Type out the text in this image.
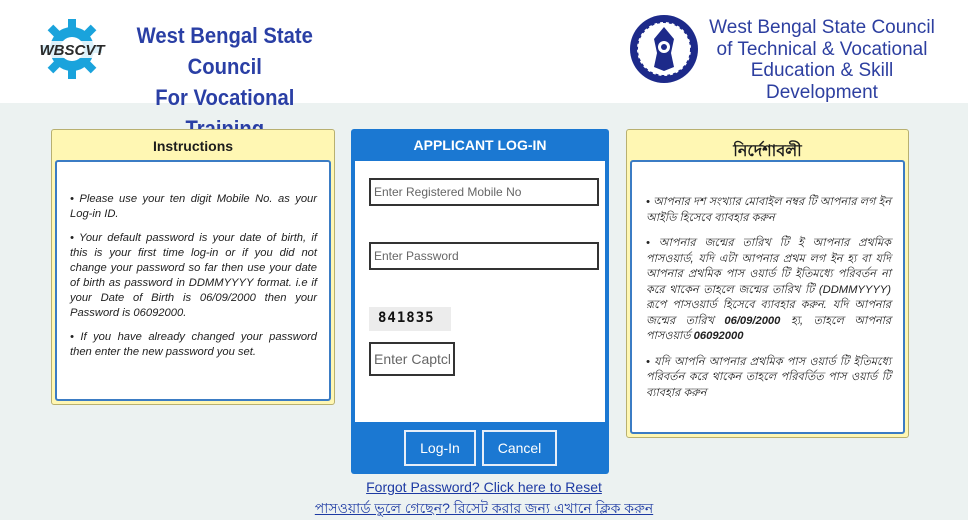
WBSCVT
West Bengal State Council
For Vocational
West Bengal State Council
of Technical & Vocational
Education & Skill Development
Instructions

• Please use your ten digit Mobile No. as your Log-in ID.

• Your default password is your date of birth, if this is your first time log-in or if you did not change your password so far then use your date of birth as password in DDMMYYYY format. i.e if your Date of Birth is 06/09/2000 then your Password is 06092000.

• If you have already changed your password then enter the new password you set.

APPLICANT LOG-IN
Enter Registered Mobile No
841835
Enter Captcha
Log-In	Cancel
নির্দেশাবলী

• আপনার দশ সংখ্যার মোবাইল নম্বর টি আপনার লগ ইন আইডি হিসেবে ব্যাবহার করুন

• আপনার জন্মের তারিখ টি ই আপনার প্রথমিক পাসওয়ার্ড, যদি এটা আপনার প্রথম লগ ইন হ্য বা যদি আপনার প্রথমিক পাস ওয়ার্ড টি ইতিমধ্যে পরিবর্তন না করে থাকেন তাহলে জন্মের তারিখ টি (DDMMYYYY) রূপে পাসওয়ার্ড হিসেবে ব্যাবহার করুন. যদি আপনার জন্মের তারিখ 06/09/2000 হ্য, তাহলে আপনার পাসওয়ার্ড 06092000

• যদি আপনি আপনার প্রথমিক পাস ওয়ার্ড টি ইতিমধ্যে পরিবর্তন করে থাকেন তাহলে পরিবর্তিত পাস ওয়ার্ড টি ব্যাবহার করুন

Forgot Password? Click here to Reset
পাসওয়ার্ড ভুলে গেছেন? রিসেট করার জন্য এখানে ক্লিক করুন
